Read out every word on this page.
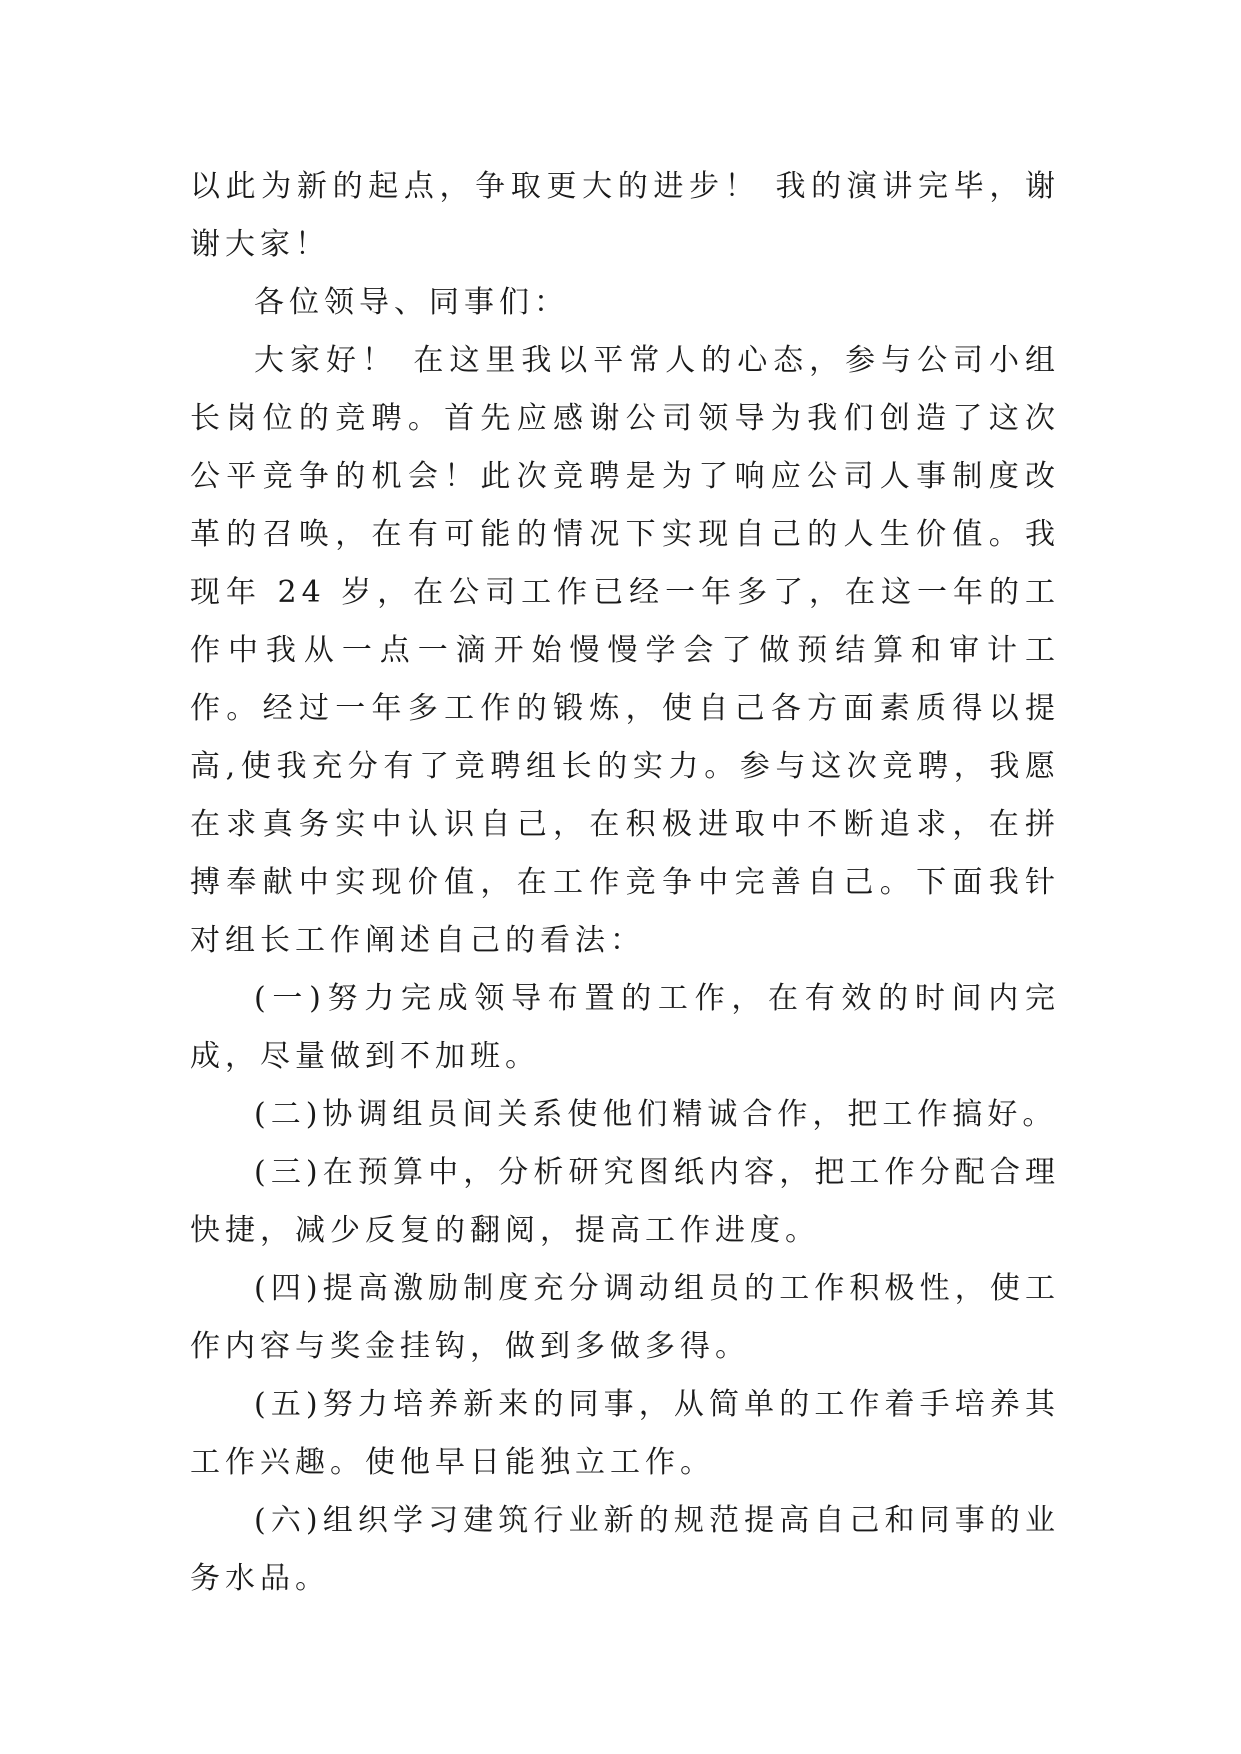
以此为新的起点，争取更大的进步！ 我的演讲完毕，谢谢大家！

各位领导、同事们：

大家好！ 在这里我以平常人的心态，参与公司小组长岗位的竞聘。首先应感谢公司领导为我们创造了这次公平竞争的机会！此次竞聘是为了响应公司人事制度改革的召唤，在有可能的情况下实现自己的人生价值。我现年 24 岁，在公司工作已经一年多了，在这一年的工作中我从一点一滴开始慢慢学会了做预结算和审计工作。经过一年多工作的锻炼，使自己各方面素质得以提高,使我充分有了竞聘组长的实力。参与这次竞聘，我愿在求真务实中认识自己，在积极进取中不断追求，在拼搏奉献中实现价值，在工作竞争中完善自己。下面我针对组长工作阐述自己的看法：

(一)努力完成领导布置的工作，在有效的时间内完成，尽量做到不加班。

(二)协调组员间关系使他们精诚合作，把工作搞好。

(三)在预算中，分析研究图纸内容，把工作分配合理快捷，减少反复的翻阅，提高工作进度。

(四)提高激励制度充分调动组员的工作积极性，使工作内容与奖金挂钩，做到多做多得。

(五)努力培养新来的同事，从简单的工作着手培养其工作兴趣。使他早日能独立工作。

(六)组织学习建筑行业新的规范提高自己和同事的业务水品。
